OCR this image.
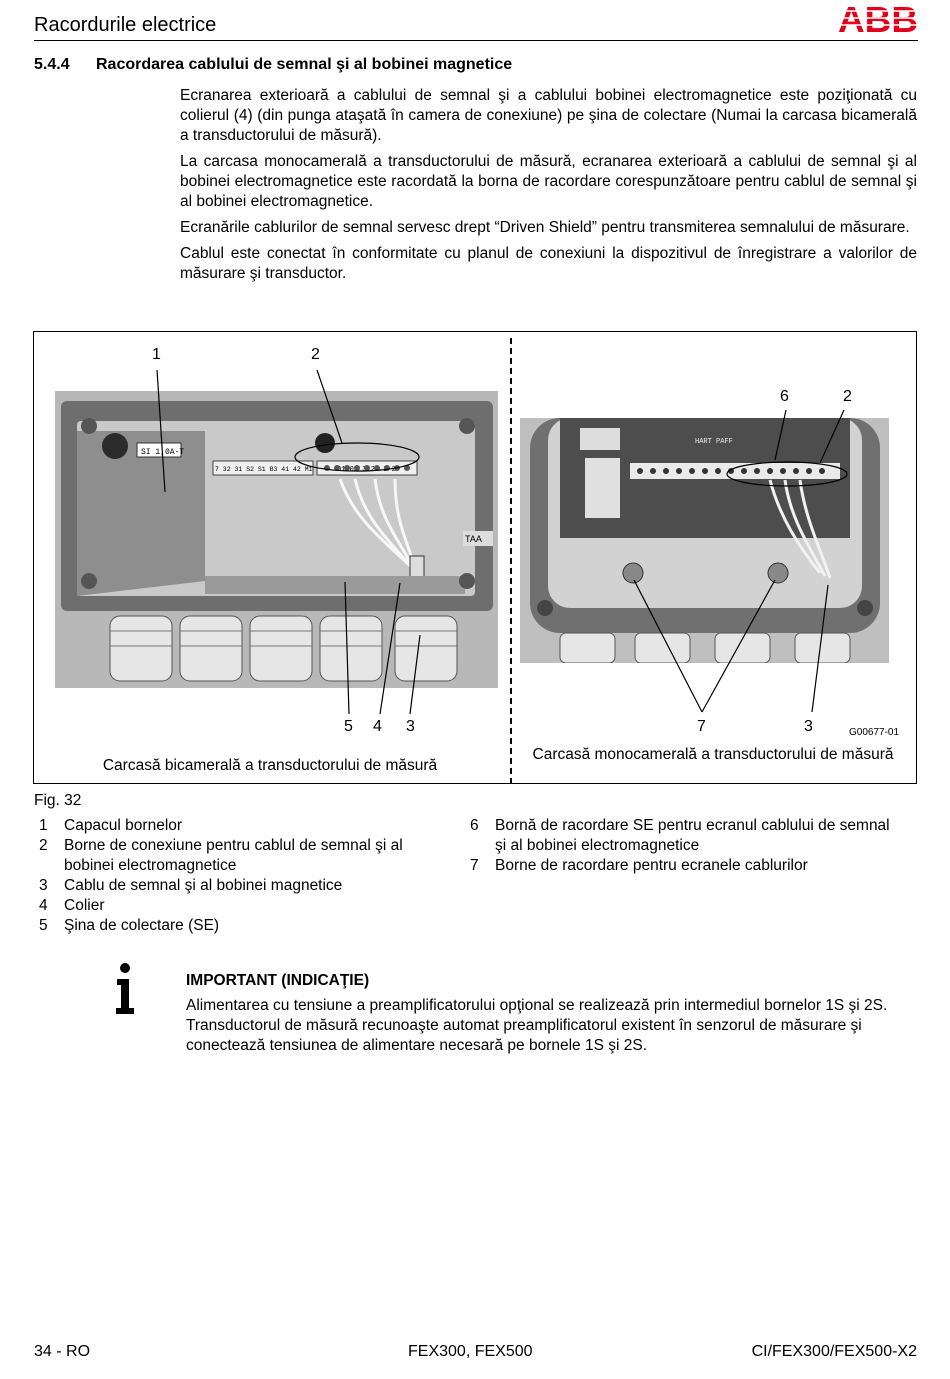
Racordurile electrice	ABB
5.4.4 Racordarea cablului de semnal şi al bobinei magnetice

Ecranarea exterioară a cablului de semnal şi a cablului bobinei electromagnetice este poziţionată cu colierul (4) (din punga ataşată în camera de conexiune) pe şina de colectare (Numai la carcasa bicamerală a transductorului de măsură).

La carcasa monocamerală a transductorului de măsură, ecranarea exterioară a cablului de semnal şi al bobinei electromagnetice este racordată la borna de racordare corespunzătoare pentru cablul de semnal şi al bobinei electromagnetice.

Ecranările cablurilor de semnal servesc drept “Driven Shield” pentru transmiterea semnalului de măsurare.

Cablul este conectat în conformitate cu planul de conexiuni la dispozitivul de înregistrare a valorilor de măsurare şi transductor.

SI 1,0A-T
7 32 31 S2 S1 B3 41 42 M1	01 02 3 2
TAA
HART PAFF
1	2
5 4 3
6	2
7	3	G00677-01
Carcasă bicamerală a transductorului de măsură
Carcasă monocamerală a transductorului de măsură
Fig. 32
1	Capacul bornelor
2	Borne de conexiune pentru cablul de semnal şi al bobinei electromagnetice
3	Cablu de semnal şi al bobinei magnetice
4	Colier
5	Şina de colectare (SE)
6	Bornă de racordare SE pentru ecranul cablului de semnal şi al bobinei electromagnetice
7	Borne de racordare pentru ecranele cablurilor
IMPORTANT (INDICAŢIE)

Alimentarea cu tensiune a preamplificatorului opţional se realizează prin intermediul bornelor 1S şi 2S.

Transductorul de măsură recunoaşte automat preamplificatorul existent în senzorul de măsurare şi conectează tensiunea de alimentare necesară pe bornele 1S şi 2S.

34 - RO	FEX300, FEX500	CI/FEX300/FEX500-X2
